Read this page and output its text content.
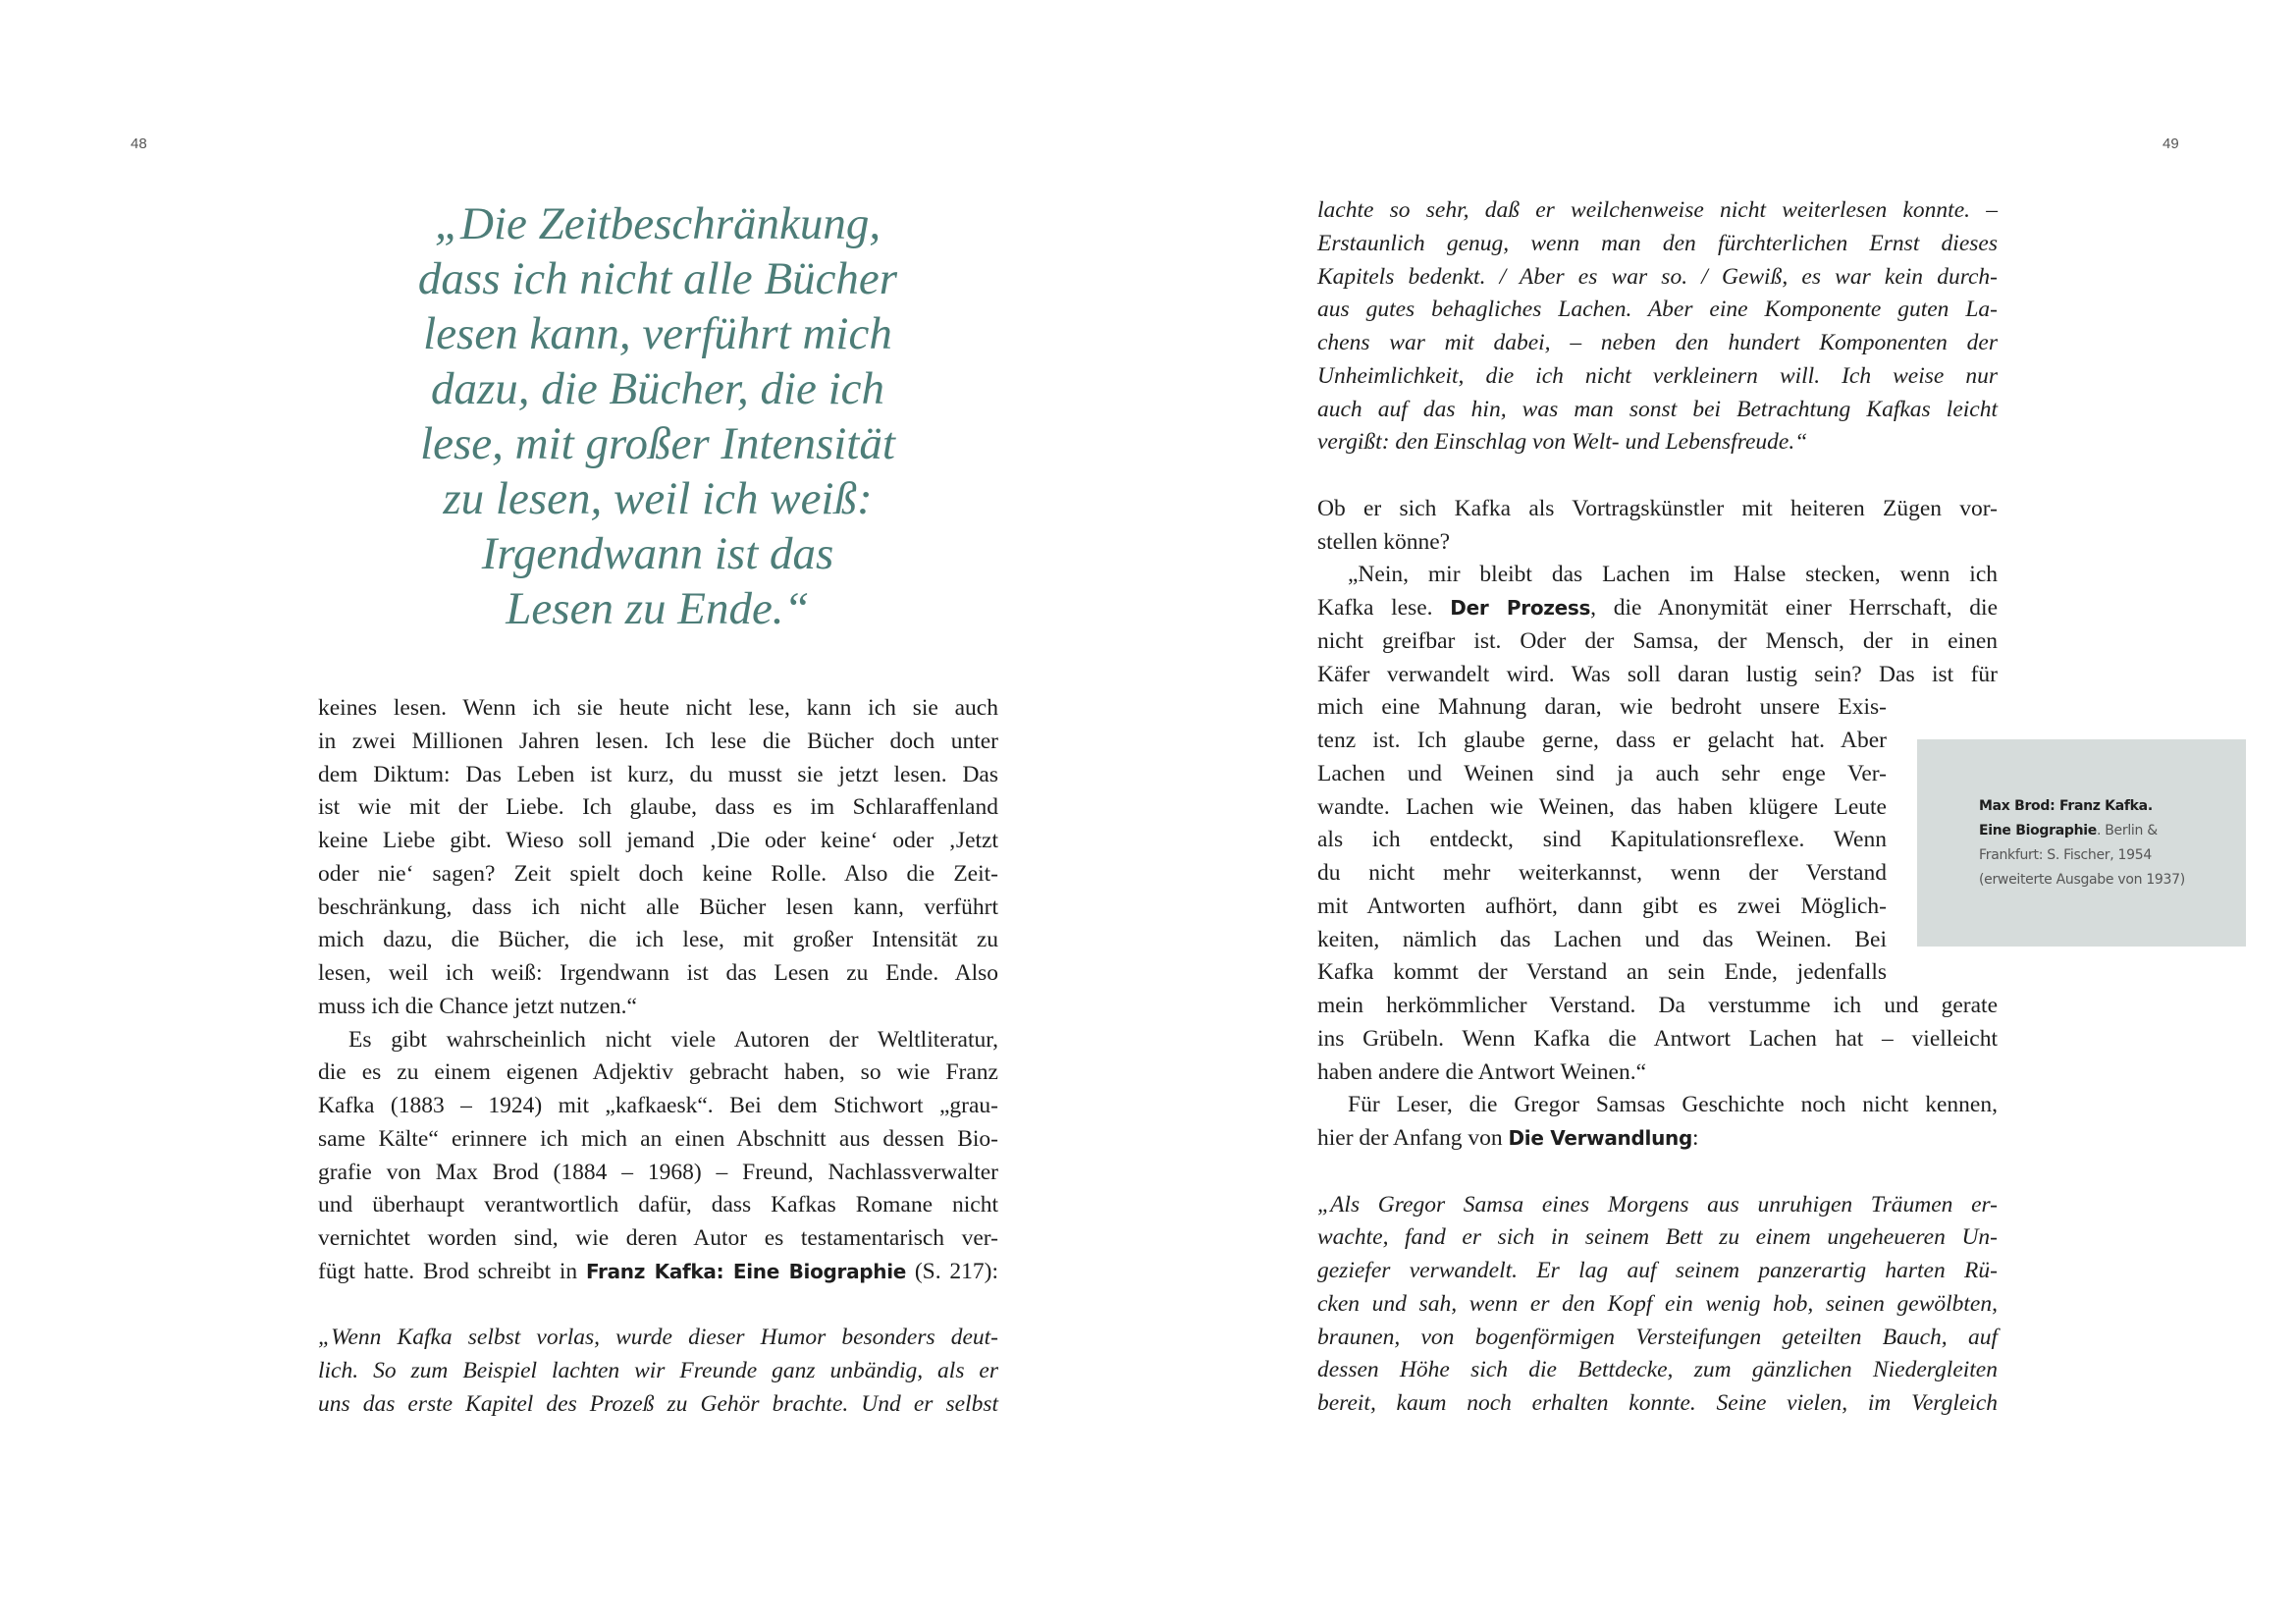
48	49
„Die Zeitbeschränkung,
dass ich nicht alle Bücher
lesen kann, verführt mich
dazu, die Bücher, die ich
lese, mit großer Intensität
zu lesen, weil ich weiß:
Irgendwann ist das
Lesen zu Ende.“
keines lesen. Wenn ich sie heute nicht lese, kann ich sie auch
in zwei Millionen Jahren lesen. Ich lese die Bücher doch unter
dem Diktum: Das Leben ist kurz, du musst sie jetzt lesen. Das
ist wie mit der Liebe. Ich glaube, dass es im Schlaraffenland
keine Liebe gibt. Wieso soll jemand ‚Die oder keine‘ oder ‚Jetzt
oder nie‘ sagen? Zeit spielt doch keine Rolle. Also die Zeit-
beschränkung, dass ich nicht alle Bücher lesen kann, verführt
mich dazu, die Bücher, die ich lese, mit großer Intensität zu
lesen, weil ich weiß: Irgendwann ist das Lesen zu Ende. Also
muss ich die Chance jetzt nutzen.“
Es gibt wahrscheinlich nicht viele Autoren der Weltliteratur,
die es zu einem eigenen Adjektiv gebracht haben, so wie Franz
Kafka (1883 – 1924) mit „kafkaesk“. Bei dem Stichwort „grau-
same Kälte“ erinnere ich mich an einen Abschnitt aus dessen Bio-
grafie von Max Brod (1884 – 1968) – Freund, Nachlassverwalter
und überhaupt verantwortlich dafür, dass Kafkas Romane nicht
vernichtet worden sind, wie deren Autor es testamentarisch ver-
fügt hatte. Brod schreibt in Franz Kafka: Eine Biographie (S. 217):
„Wenn Kafka selbst vorlas, wurde dieser Humor besonders deut-
lich. So zum Beispiel lachten wir Freunde ganz unbändig, als er
uns das erste Kapitel des Prozeß zu Gehör brachte. Und er selbst
lachte so sehr, daß er weilchenweise nicht weiterlesen konnte. –
Erstaunlich genug, wenn man den fürchterlichen Ernst dieses
Kapitels bedenkt. / Aber es war so. / Gewiß, es war kein durch-
aus gutes behagliches Lachen. Aber eine Komponente guten La-
chens war mit dabei, – neben den hundert Komponenten der
Unheimlichkeit, die ich nicht verkleinern will. Ich weise nur
auch auf das hin, was man sonst bei Betrachtung Kafkas leicht
vergißt: den Einschlag von Welt- und Lebensfreude.“
Ob er sich Kafka als Vortragskünstler mit heiteren Zügen vor-
stellen könne?
„Nein, mir bleibt das Lachen im Halse stecken, wenn ich
Kafka lese. Der Prozess, die Anonymität einer Herrschaft, die
nicht greifbar ist. Oder der Samsa, der Mensch, der in einen
Käfer verwandelt wird. Was soll daran lustig sein? Das ist für
mich eine Mahnung daran, wie bedroht unsere Exis-
tenz ist. Ich glaube gerne, dass er gelacht hat. Aber
Lachen und Weinen sind ja auch sehr enge Ver-
wandte. Lachen wie Weinen, das haben klügere Leute
als ich entdeckt, sind Kapitulationsreflexe. Wenn
du nicht mehr weiterkannst, wenn der Verstand
mit Antworten aufhört, dann gibt es zwei Möglich-
keiten, nämlich das Lachen und das Weinen. Bei
Kafka kommt der Verstand an sein Ende, jedenfalls
mein herkömmlicher Verstand. Da verstumme ich und gerate
ins Grübeln. Wenn Kafka die Antwort Lachen hat – vielleicht
haben andere die Antwort Weinen.“
Für Leser, die Gregor Samsas Geschichte noch nicht kennen,
hier der Anfang von Die Verwandlung:
„Als Gregor Samsa eines Morgens aus unruhigen Träumen er-
wachte, fand er sich in seinem Bett zu einem ungeheueren Un-
geziefer verwandelt. Er lag auf seinem panzerartig harten Rü-
cken und sah, wenn er den Kopf ein wenig hob, seinen gewölbten,
braunen, von bogenförmigen Versteifungen geteilten Bauch, auf
dessen Höhe sich die Bettdecke, zum gänzlichen Niedergleiten
bereit, kaum noch erhalten konnte. Seine vielen, im Vergleich
Max Brod: Franz Kafka.
Eine Biographie. Berlin &
Frankfurt: S. Fischer, 1954
(erweiterte Ausgabe von 1937)
